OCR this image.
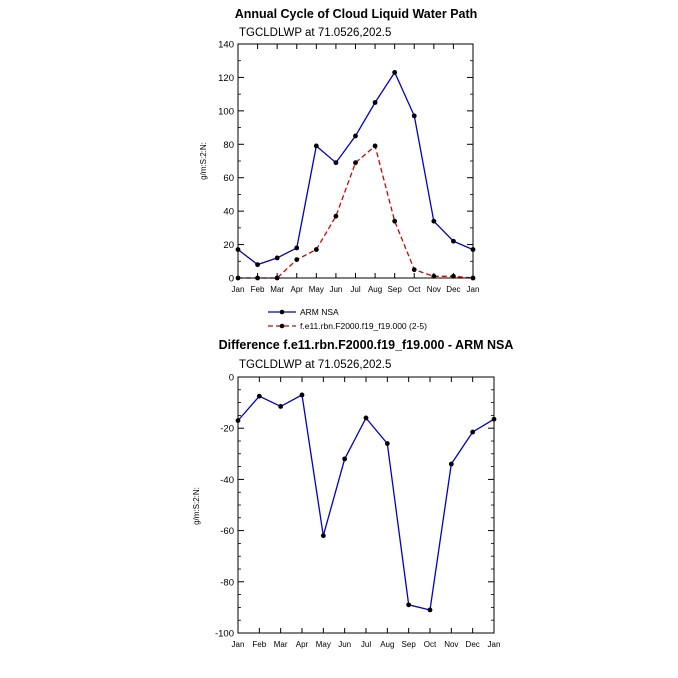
Annual Cycle of Cloud Liquid Water Path
TGCLDLWP at 71.0526,202.5
g/m:S:2:N:
0
20
40
60
80
100
120
140
Jan Feb Mar Apr May Jun Jul Aug Sep Oct Nov Dec Jan
ARM NSA
f.e11.rbn.F2000.f19_f19.000 (2-5)
Difference f.e11.rbn.F2000.f19_f19.000 - ARM NSA
TGCLDLWP at 71.0526,202.5
g/m:S:2:N:
-100
-80
-60
-40
-20
0
Jan Feb Mar Apr May Jun Jul Aug Sep Oct Nov Dec Jan
